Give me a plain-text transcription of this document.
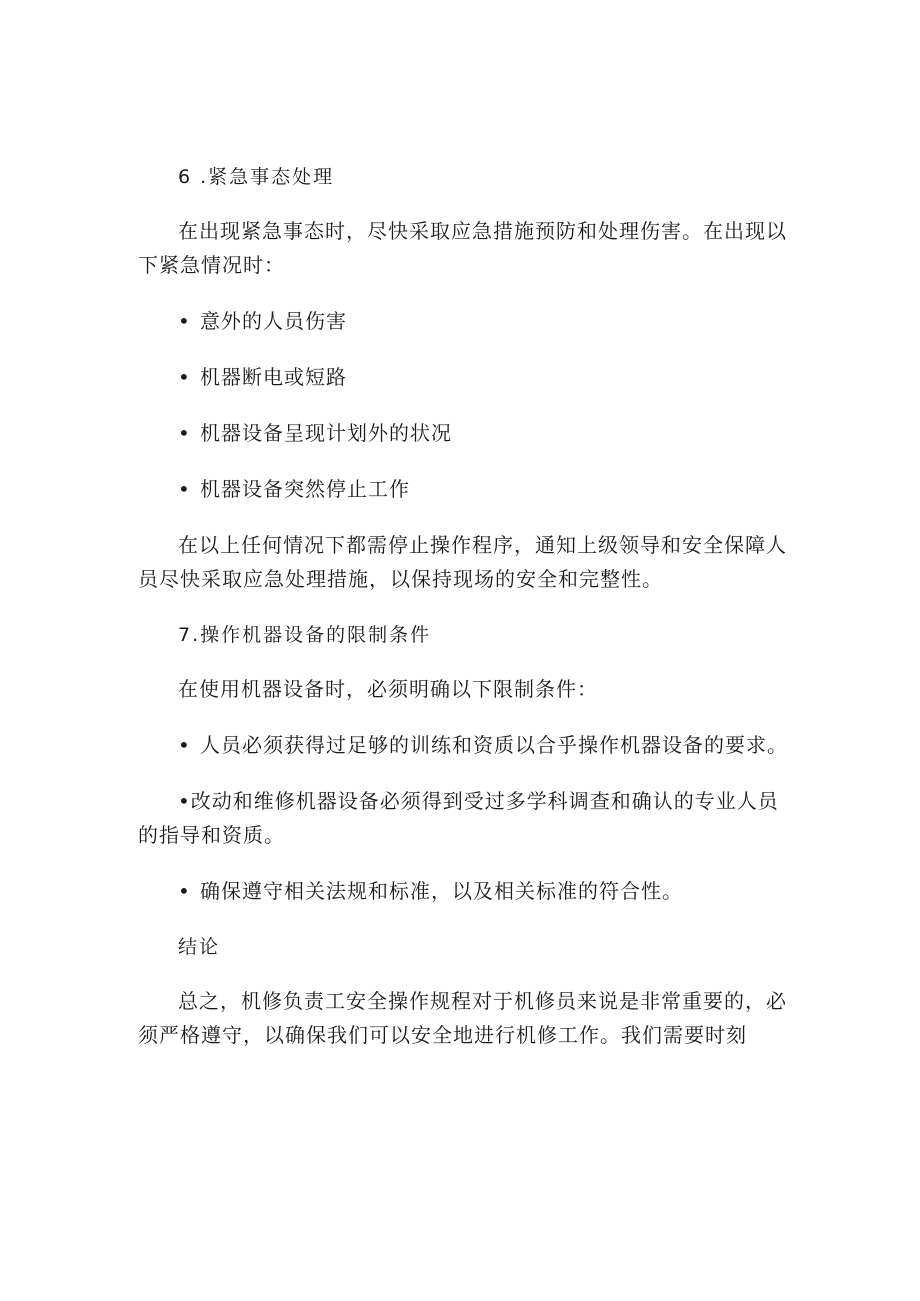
6 .紧急事态处理

在出现紧急事态时，尽快采取应急措施预防和处理伤害。在出现以下紧急情况时：

• 意外的人员伤害
• 机器断电或短路
• 机器设备呈现计划外的状况
• 机器设备突然停止工作

在以上任何情况下都需停止操作程序，通知上级领导和安全保障人员尽快采取应急处理措施，以保持现场的安全和完整性。

7.操作机器设备的限制条件

在使用机器设备时，必须明确以下限制条件：

• 人员必须获得过足够的训练和资质以合乎操作机器设备的要求。
•改动和维修机器设备必须得到受过多学科调查和确认的专业人员的指导和资质。
• 确保遵守相关法规和标准，以及相关标准的符合性。
结论

总之，机修负责工安全操作规程对于机修员来说是非常重要的，必须严格遵守，以确保我们可以安全地进行机修工作。我们需要时刻
